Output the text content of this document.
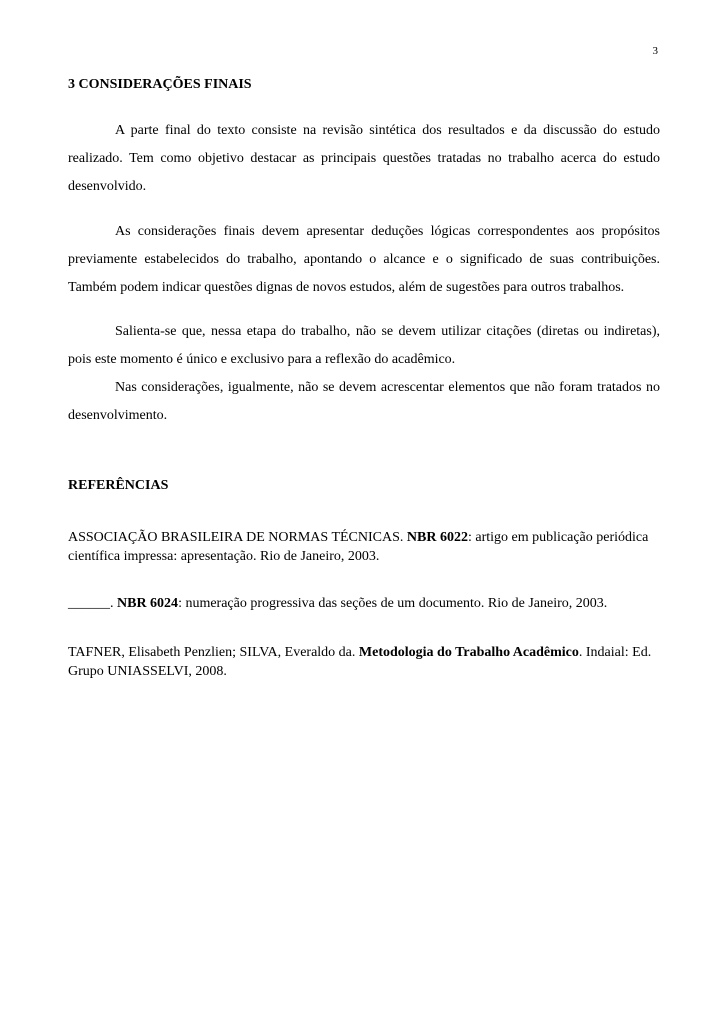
3
3 CONSIDERAÇÕES FINAIS

A parte final do texto consiste na revisão sintética dos resultados e da discussão do estudo realizado. Tem como objetivo destacar as principais questões tratadas no trabalho acerca do estudo desenvolvido.

As considerações finais devem apresentar deduções lógicas correspondentes aos propósitos previamente estabelecidos do trabalho, apontando o alcance e o significado de suas contribuições. Também podem indicar questões dignas de novos estudos, além de sugestões para outros trabalhos.

Salienta-se que, nessa etapa do trabalho, não se devem utilizar citações (diretas ou indiretas), pois este momento é único e exclusivo para a reflexão do acadêmico.

Nas considerações, igualmente, não se devem acrescentar elementos que não foram tratados no desenvolvimento.

REFERÊNCIAS

ASSOCIAÇÃO BRASILEIRA DE NORMAS TÉCNICAS. NBR 6022: artigo em publicação periódica científica impressa: apresentação. Rio de Janeiro, 2003.

______. NBR 6024: numeração progressiva das seções de um documento. Rio de Janeiro, 2003.

TAFNER, Elisabeth Penzlien; SILVA, Everaldo da. Metodologia do Trabalho Acadêmico. Indaial: Ed. Grupo UNIASSELVI, 2008.
